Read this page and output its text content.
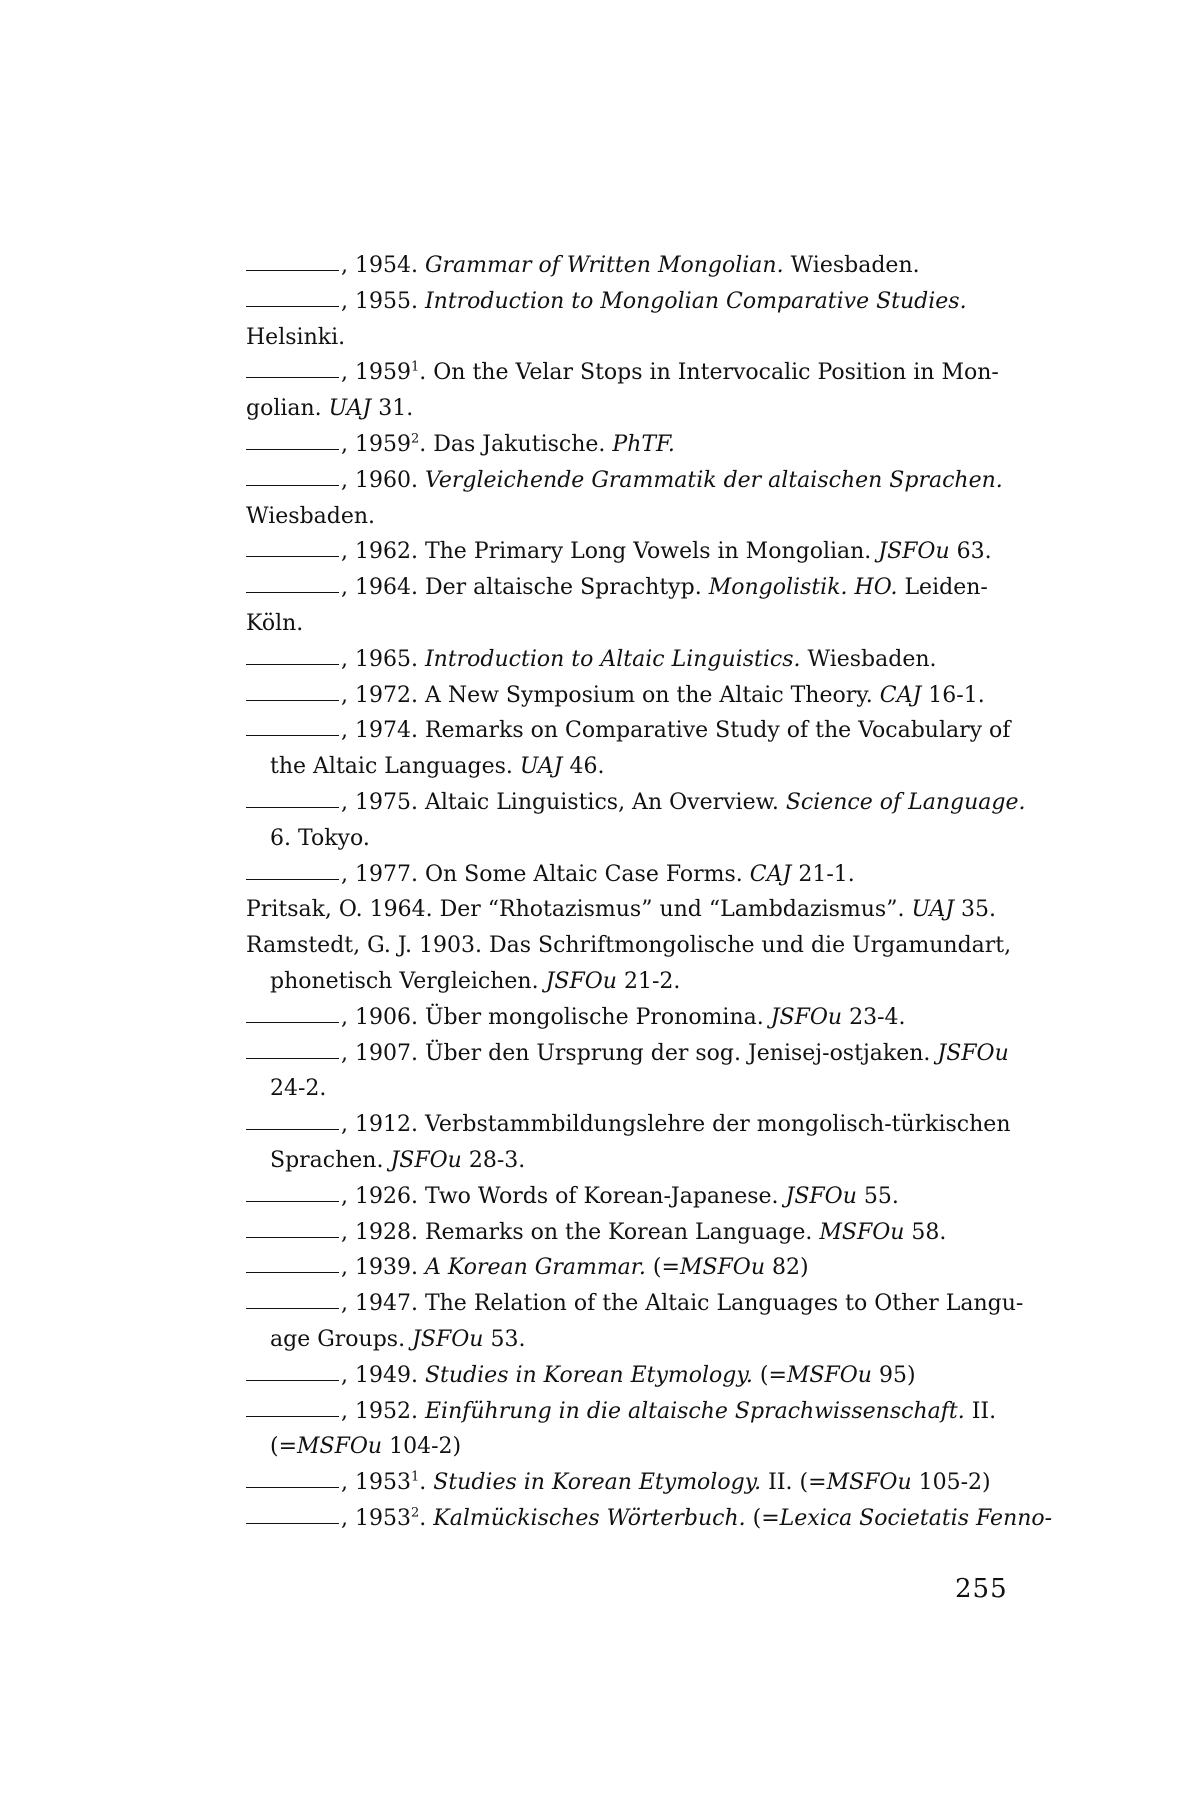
, 1954. Grammar of Written Mongolian. Wiesbaden.
, 1955. Introduction to Mongolian Comparative Studies.
Helsinki.
, 1959$^1$. On the Velar Stops in Intervocalic Position in Mon-
golian. UAJ 31.
, 1959$^2$. Das Jakutische. PhTF.
, 1960. Vergleichende Grammatik der altaischen Sprachen.
Wiesbaden.
, 1962. The Primary Long Vowels in Mongolian. JSFOu 63.
, 1964. Der altaische Sprachtyp. Mongolistik. HO. Leiden-
Köln.
, 1965. Introduction to Altaic Linguistics. Wiesbaden.
, 1972. A New Symposium on the Altaic Theory. CAJ 16-1.
, 1974. Remarks on Comparative Study of the Vocabulary of
the Altaic Languages. UAJ 46.
, 1975. Altaic Linguistics, An Overview. Science of Language.
6. Tokyo.
, 1977. On Some Altaic Case Forms. CAJ 21-1.
Pritsak, O. 1964. Der “Rhotazismus” und “Lambdazismus”. UAJ 35.
Ramstedt, G. J. 1903. Das Schriftmongolische und die Urgamundart,
phonetisch Vergleichen. JSFOu 21-2.
, 1906. Über mongolische Pronomina. JSFOu 23-4.
, 1907. Über den Ursprung der sog. Jenisej-ostjaken. JSFOu
24-2.
, 1912. Verbstammbildungslehre der mongolisch-türkischen
Sprachen. JSFOu 28-3.
, 1926. Two Words of Korean-Japanese. JSFOu 55.
, 1928. Remarks on the Korean Language. MSFOu 58.
, 1939. A Korean Grammar. (=MSFOu 82)
, 1947. The Relation of the Altaic Languages to Other Langu-
age Groups. JSFOu 53.
, 1949. Studies in Korean Etymology. (=MSFOu 95)
, 1952. Einführung in die altaische Sprachwissenschaft. II.
(=MSFOu 104-2)
, 1953$^1$. Studies in Korean Etymology. II. (=MSFOu 105-2)
, 1953$^2$. Kalmückisches Wörterbuch. (=Lexica Societatis Fenno-
255
